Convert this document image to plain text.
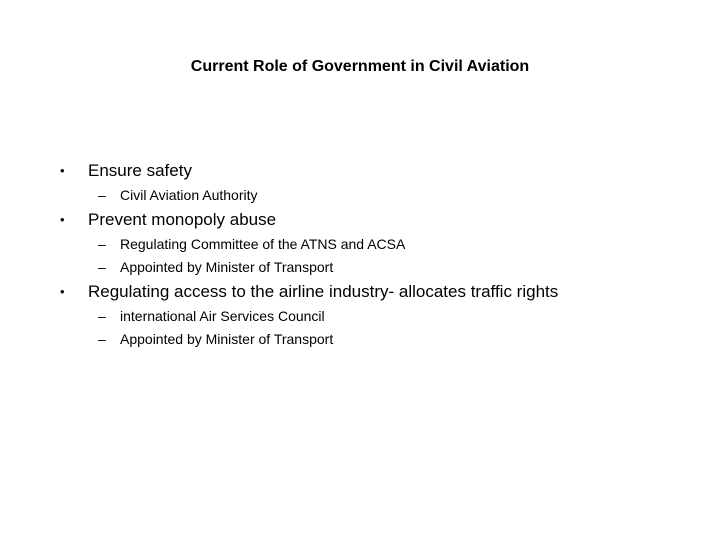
Current Role of Government in Civil Aviation
• Ensure safety
– Civil Aviation Authority
• Prevent monopoly abuse
– Regulating Committee of the ATNS and ACSA
– Appointed by Minister of Transport
• Regulating access to the airline industry- allocates traffic rights
– international Air Services Council
– Appointed by Minister of Transport
